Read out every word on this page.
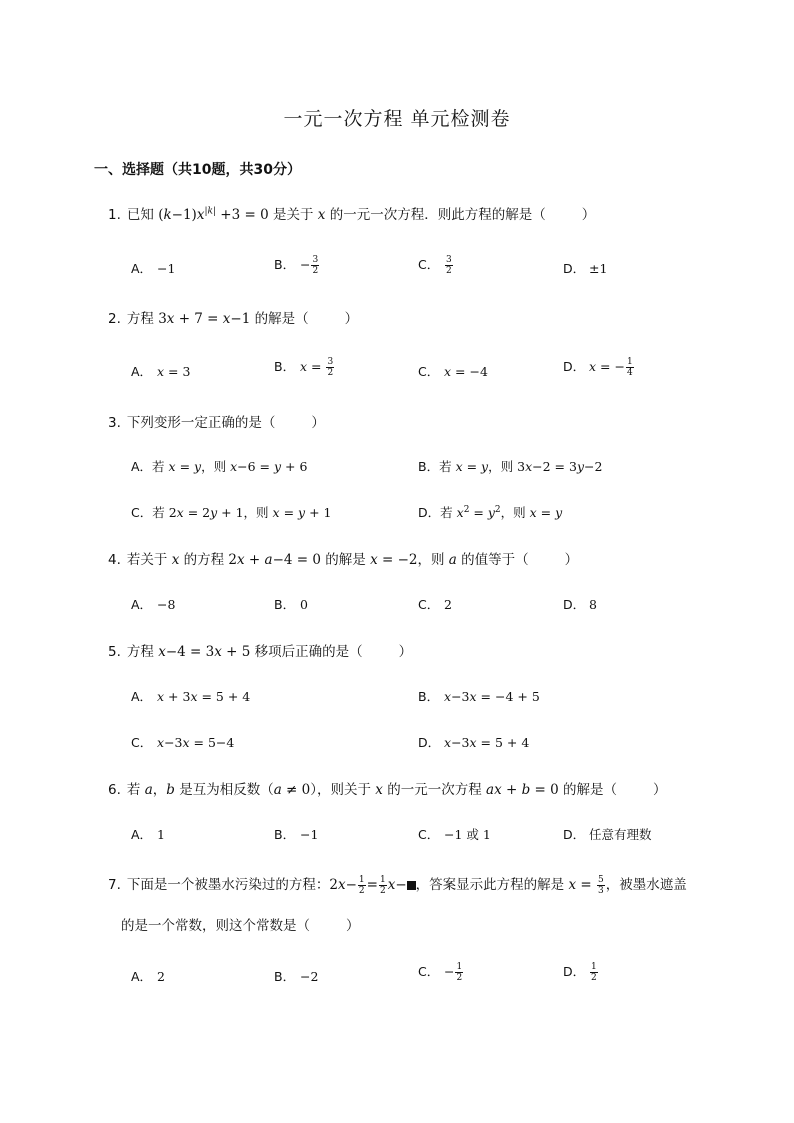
一元一次方程 单元检测卷
一、选择题（共10题，共30分）
1. 已知 $(k-1)x^{|k|} +3 = 0$ 是关于 x 的一元一次方程．则此方程的解是（	）
A． −1	B． − $\frac{3}{2}$	C． $\frac{3}{2}$	D． ±1
2. 方程 3x + 7 = x−1 的解是（	）
A． x = 3	B． $x = \frac{3}{2}$	C． x = −4	D． x = − $\frac{1}{4}$
3. 下列变形一定正确的是（	）
A．若 x = y，则 x−6 = y + 6	B．若 x = y，则 3x−2 = 3y−2
C．若 2x = 2y + 1，则 x = y + 1	D．若 $x^2 = y^2$，则 x = y
4. 若关于 x 的方程 2x + a−4 = 0 的解是 x = −2，则 a 的值等于（	）
A． −8	B． 0	C． 2	D． 8
5. 方程 x−4 = 3x + 5 移项后正确的是（	）
A． x + 3x = 5 + 4	B． x−3x = −4 + 5
C． x−3x = 5−4	D． x−3x = 5 + 4
6. 若 a，b 是互为相反数（a ≠ 0），则关于 x 的一元一次方程 ax + b = 0 的解是（	）
A． 1	B． −1	C． −1 或 1	D． 任意有理数
7. 下面是一个被墨水污染过的方程：$2x- \frac{1}{2} = \frac{1}{2} x-$ ，答案显示此方程的解是 $x = \frac{5}{3}$ ，被墨水遮盖
的是一个常数，则这个常数是（	）
A． 2	B． −2	C． − $\frac{1}{2}$	D． $\frac{1}{2}$
